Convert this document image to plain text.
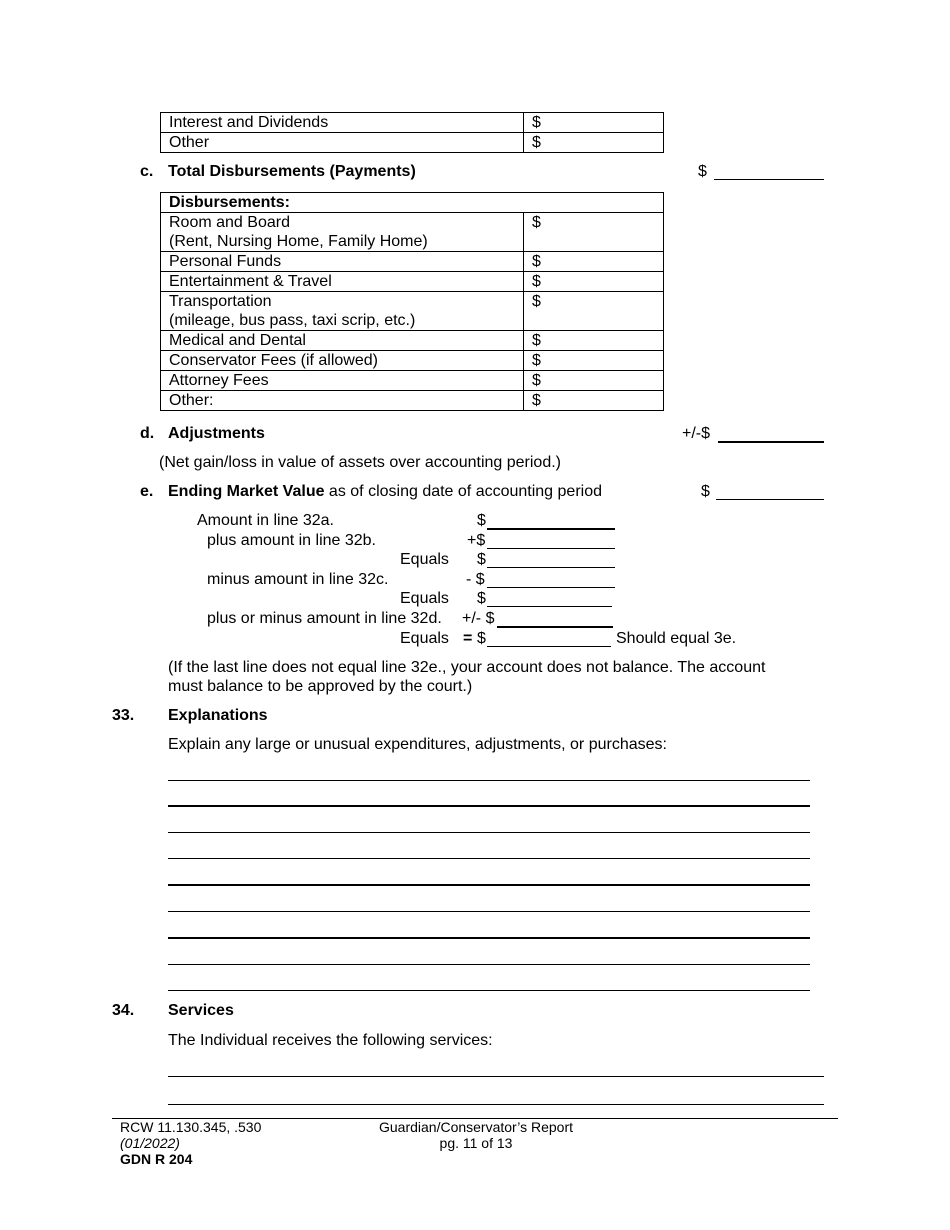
Interest and Dividends	$
Other	$
c. Total Disbursements (Payments)	$
Disbursements:	

Room and Board
(Rent, Nursing Home, Family Home)	$
Personal Funds	$
Entertainment & Travel	$

Transportation
(mileage, bus pass, taxi scrip, etc.)	$
Medical and Dental	$
Conservator Fees (if allowed)	$
Attorney Fees	$
Other:	$
d. Adjustments	+/-$
(Net gain/loss in value of assets over accounting period.)
e. Ending Market Value as of closing date of accounting period	$
Amount in line 32a.	$
plus amount in line 32b.	+$
Equals $
minus amount in line 32c.	- $
Equals $
plus or minus amount in line 32d. +/- $
Equals = $	Should equal 3e.
(If the last line does not equal line 32e., your account does not balance. The account
must balance to be approved by the court.)
33. Explanations
Explain any large or unusual expenditures, adjustments, or purchases:
34. Services
The Individual receives the following services:
RCW 11.130.345, .530
(01/2022)
GDN R 204
Guardian/Conservator’s Report
pg. 11 of 13
